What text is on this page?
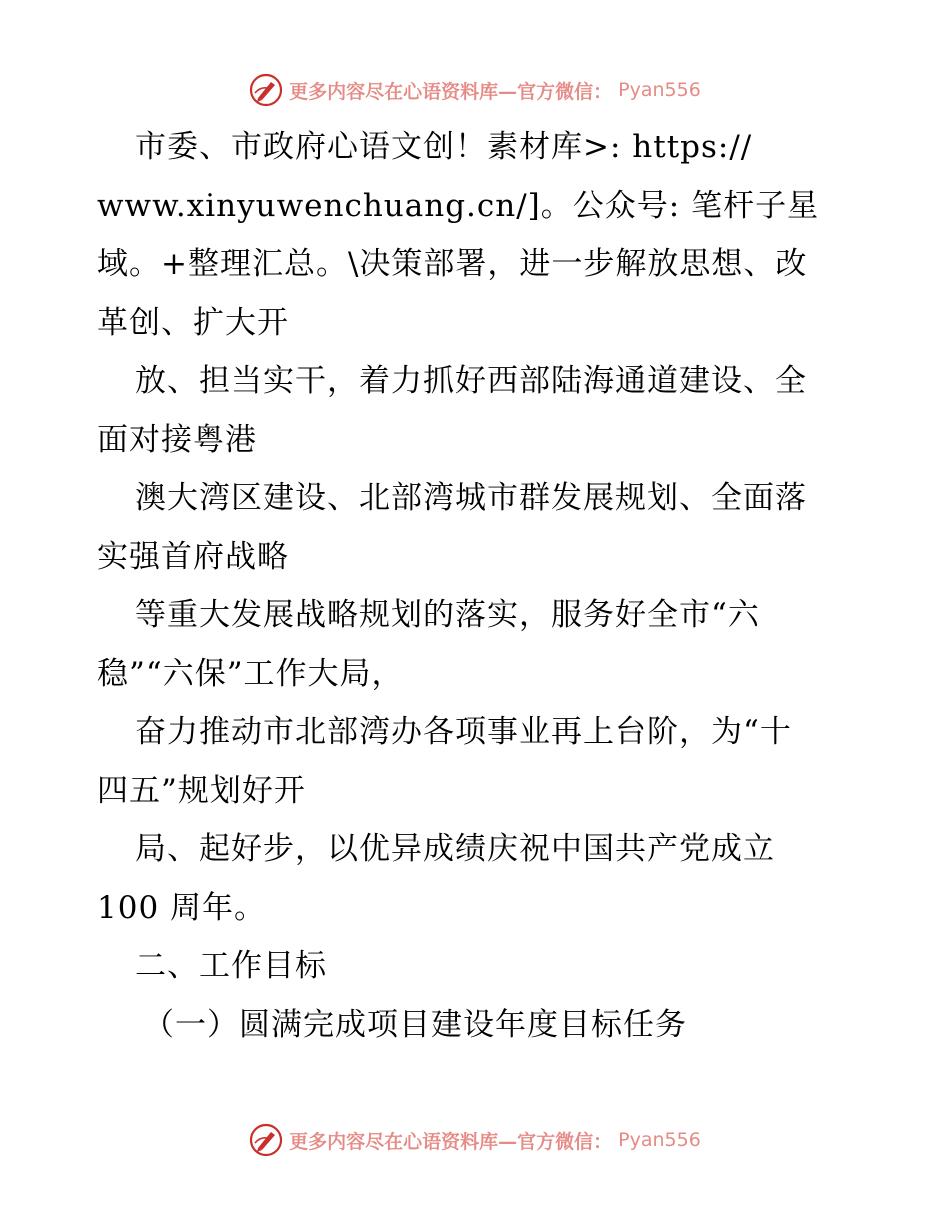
更多内容尽在心语资料库—官方微信： Pyan556
市委、市政府心语文创！素材库>: https://
www.xinyuwenchuang.cn/]。公众号: 笔杆子星
域。+整理汇总。\决策部署，进一步解放思想、改
革创、扩大开
放、担当实干，着力抓好西部陆海通道建设、全
面对接粤港
澳大湾区建设、北部湾城市群发展规划、全面落
实强首府战略
等重大发展战略规划的落实，服务好全市“六
稳”“六保”工作大局，
奋力推动市北部湾办各项事业再上台阶，为“十
四五”规划好开
局、起好步，以优异成绩庆祝中国共产党成立
100 周年。
二、工作目标
（一）圆满完成项目建设年度目标任务
更多内容尽在心语资料库—官方微信： Pyan556
